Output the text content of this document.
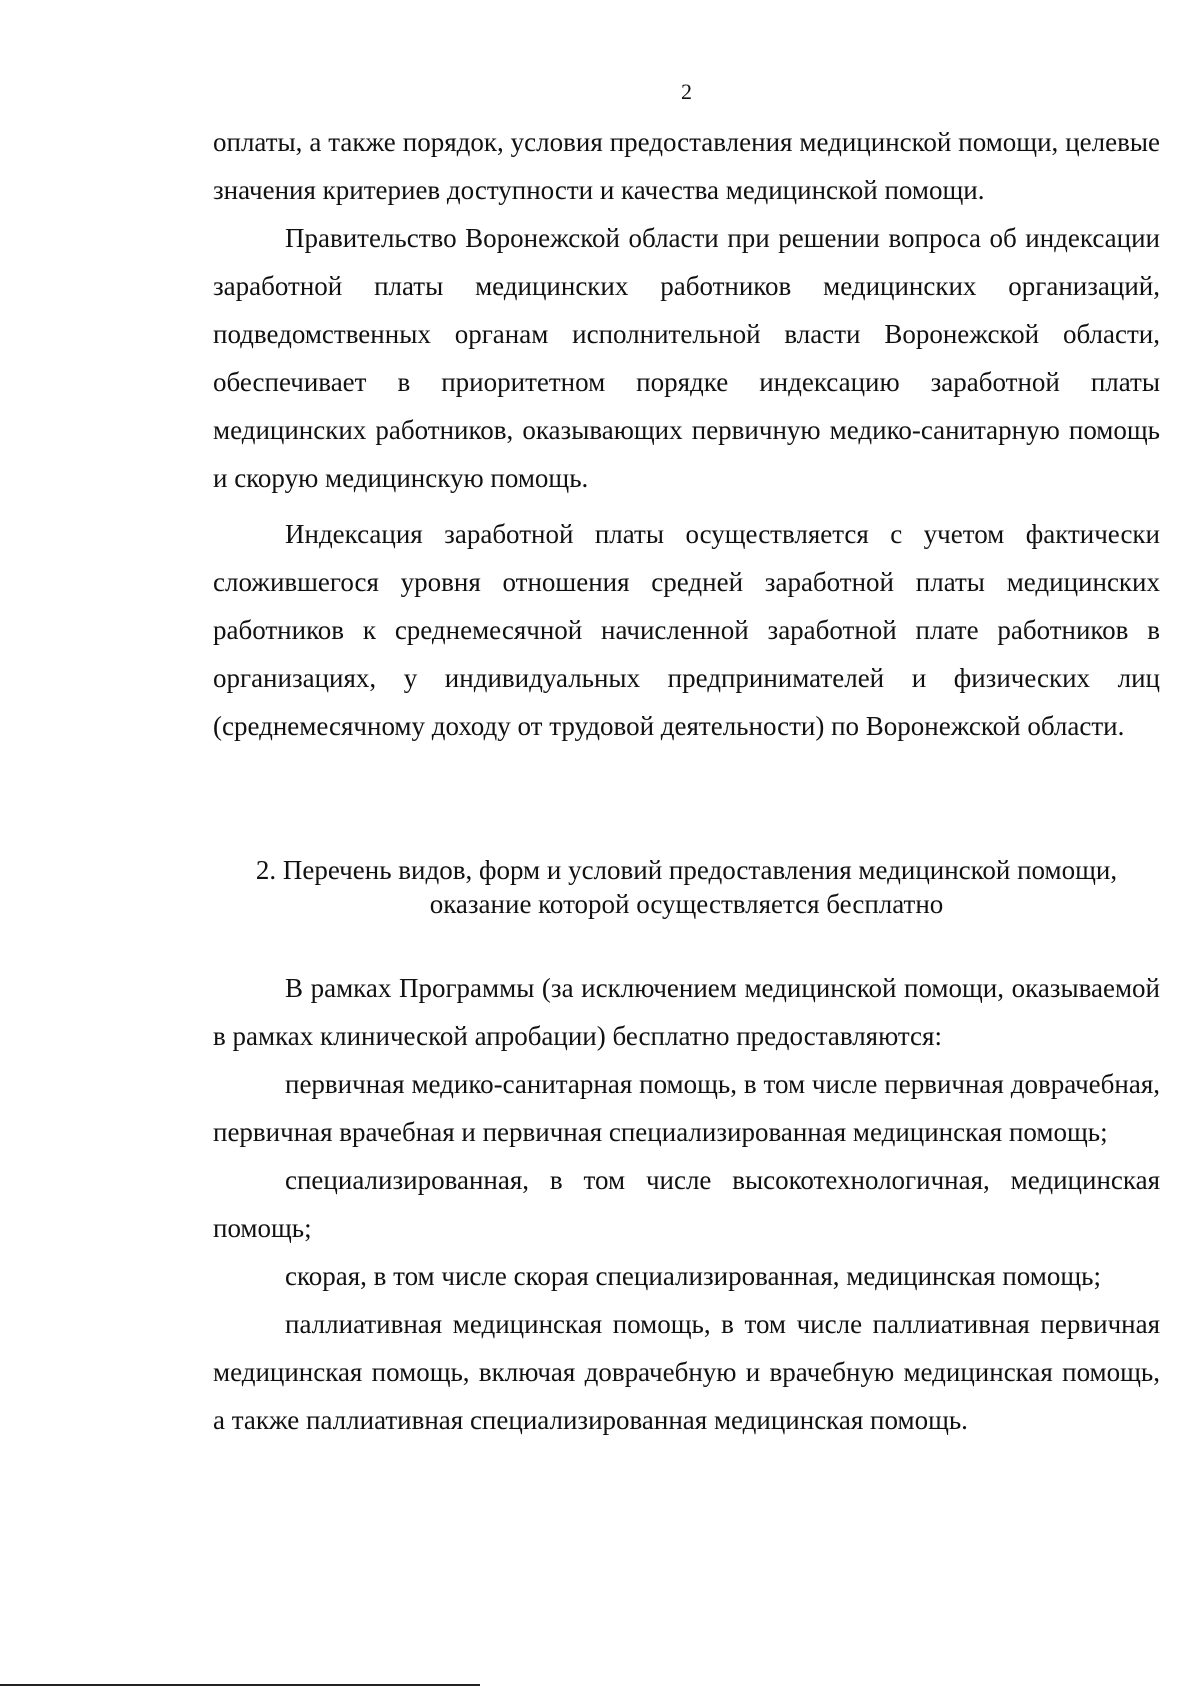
2

оплаты, а также порядок, условия предоставления медицинской помощи, целевые значения критериев доступности и качества медицинской помощи.

Правительство Воронежской области при решении вопроса об индексации заработной платы медицинских работников медицинских организаций, подведомственных органам исполнительной власти Воронежской области, обеспечивает в приоритетном порядке индексацию заработной платы медицинских работников, оказывающих первичную медико-санитарную помощь и скорую медицинскую помощь.

Индексация заработной платы осуществляется с учетом фактически сложившегося уровня отношения средней заработной платы медицинских работников к среднемесячной начисленной заработной плате работников в организациях, у индивидуальных предпринимателей и физических лиц (среднемесячному доходу от трудовой деятельности) по Воронежской области.

2. Перечень видов, форм и условий предоставления медицинской помощи,
оказание которой осуществляется бесплатно

В рамках Программы (за исключением медицинской помощи, оказываемой в рамках клинической апробации) бесплатно предоставляются:

первичная медико-санитарная помощь, в том числе первичная доврачебная, первичная врачебная и первичная специализированная медицинская помощь;

специализированная, в том числе высокотехнологичная, медицинская помощь;

скорая, в том числе скорая специализированная, медицинская помощь;

паллиативная медицинская помощь, в том числе паллиативная первичная медицинская помощь, включая доврачебную и врачебную медицинская помощь, а также паллиативная специализированная медицинская помощь.
